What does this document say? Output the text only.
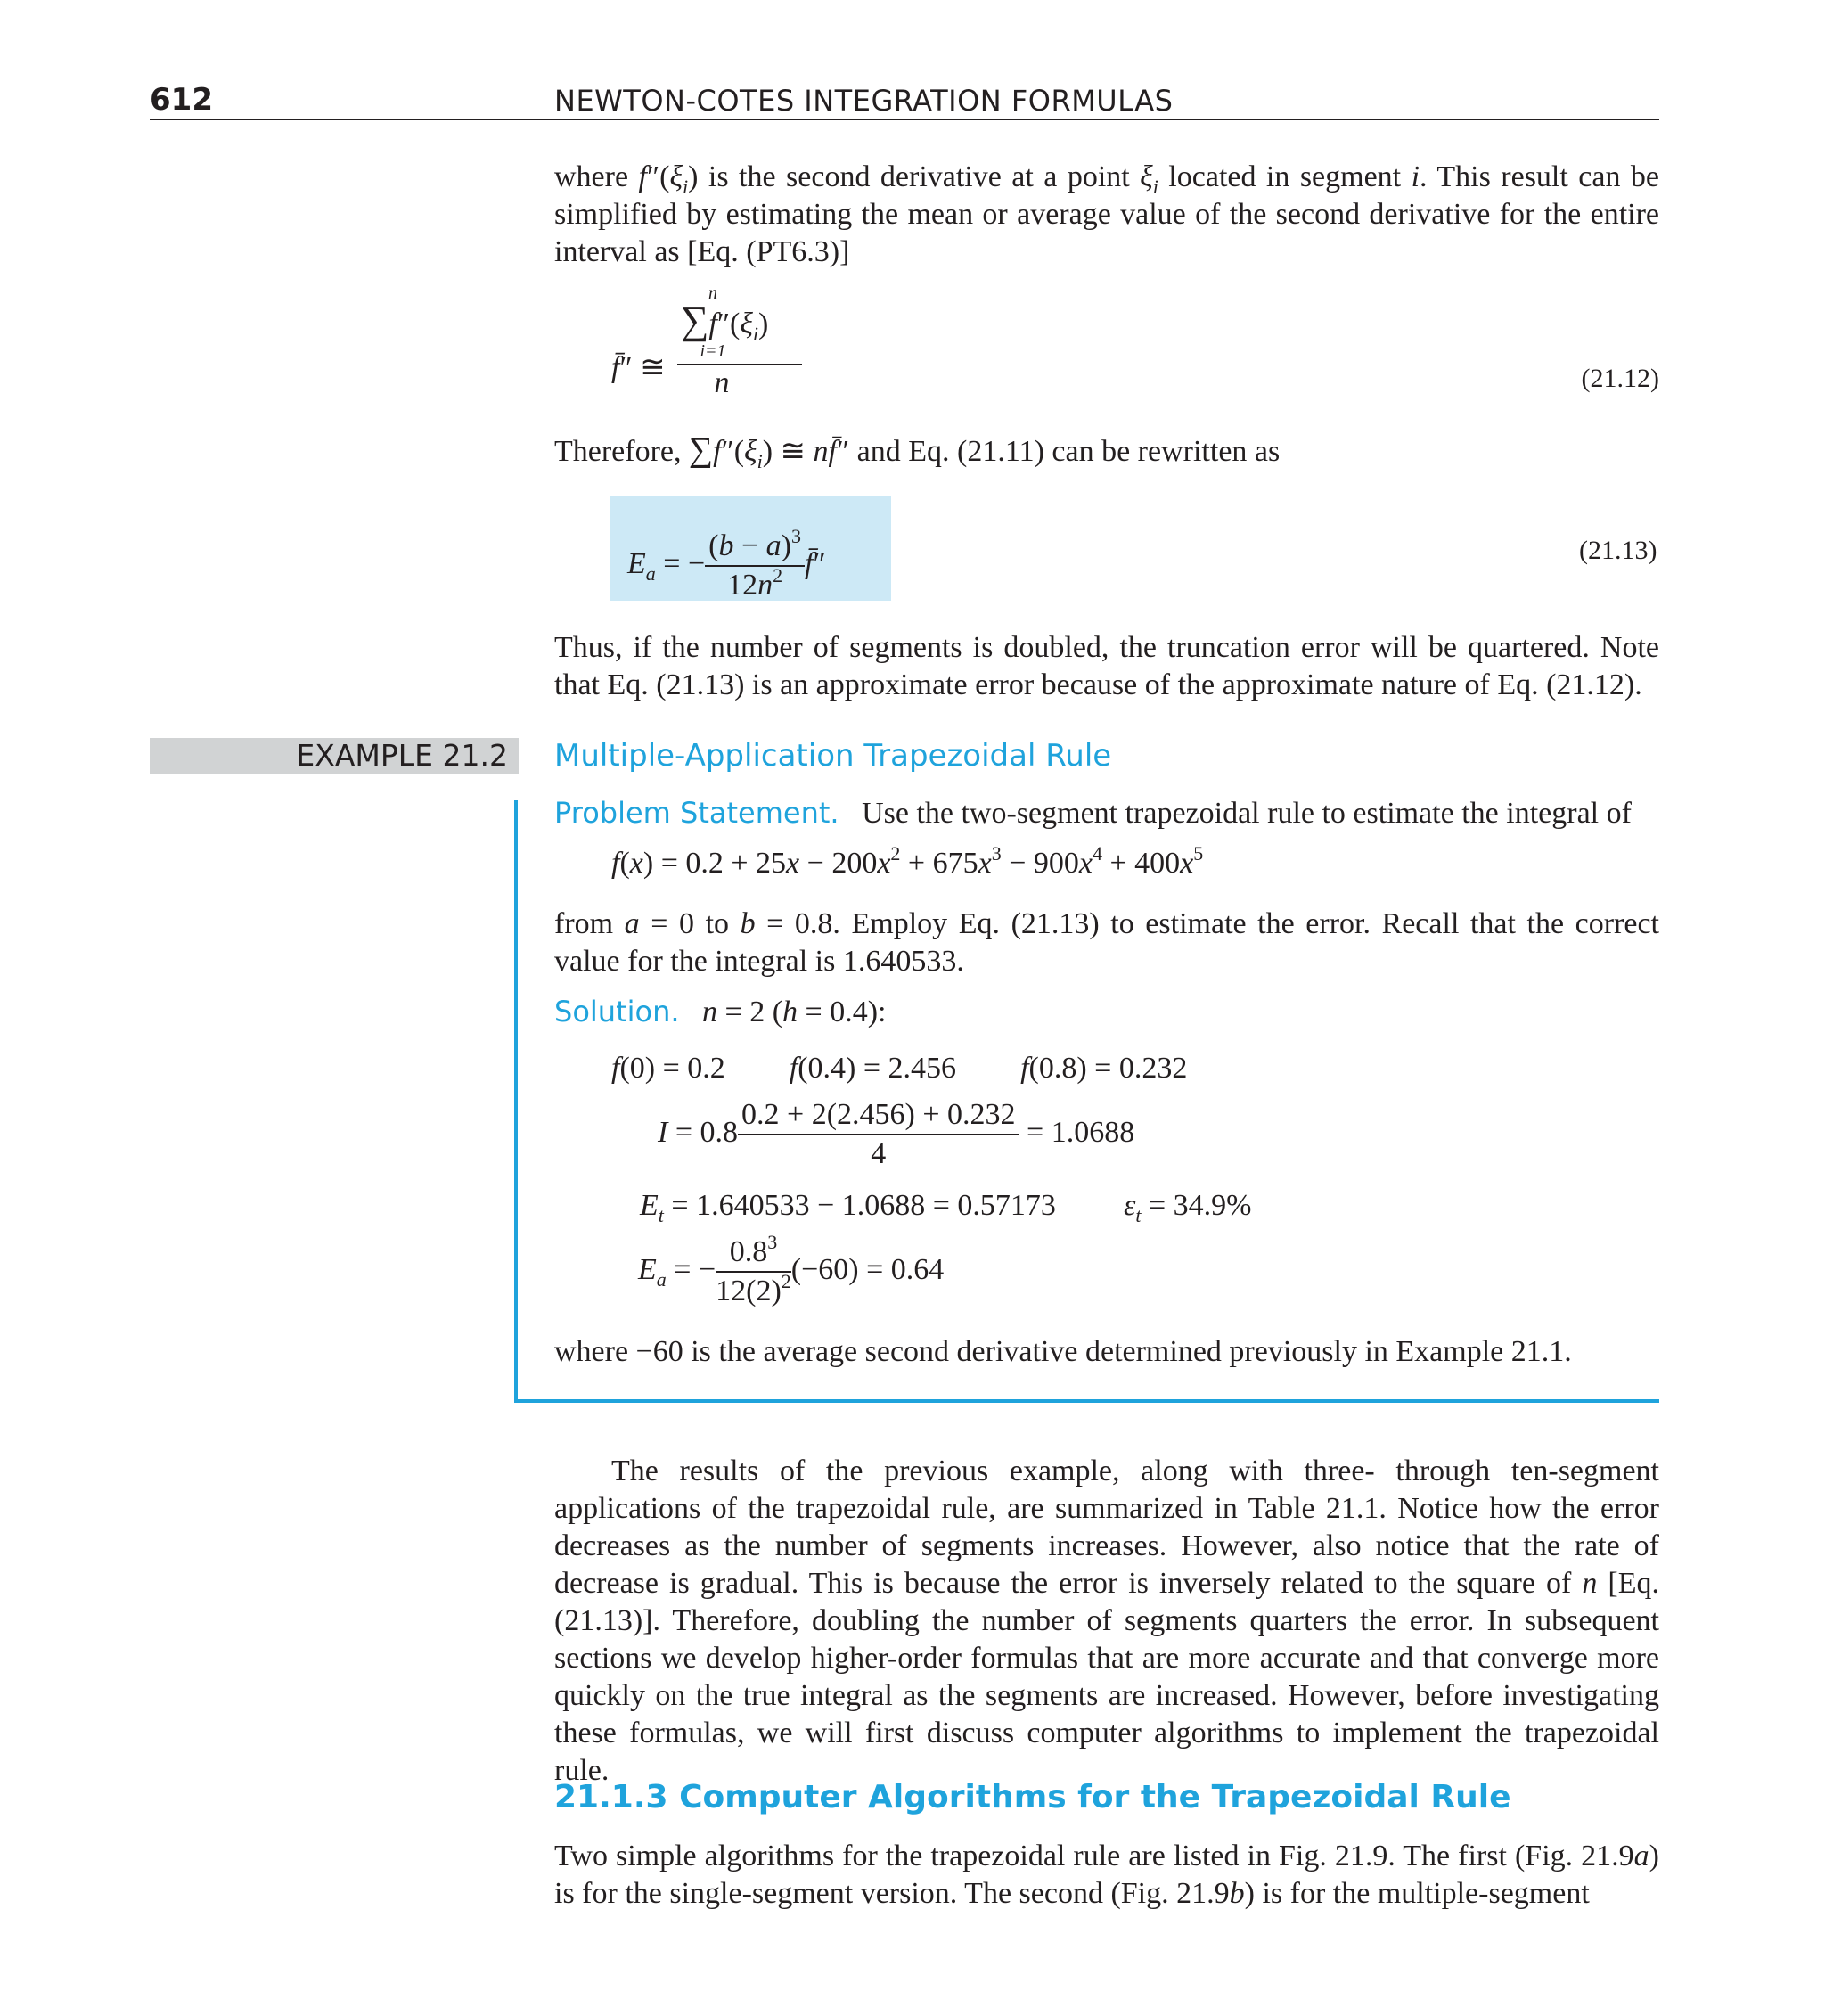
612	NEWTON-COTES INTEGRATION FORMULAS
where $f''(\xi_i)$ is the second derivative at a point $\xi_i$ located in segment i. This result can be simplified by estimating the mean or average value of the second derivative for the entire interval as [Eq. (PT6.3)]
f̄″ ≅
n
$\sum f''(\xi_i)$
i=1
n	(21.12)
Therefore, $\sum f''(\xi_i)$ ≅ nf̄″ and Eq. (21.11) can be rewritten as
$E_a$ = − $\frac{(b - a)^3}{12n^2}$ f̄″	(21.13)
Thus, if the number of segments is doubled, the truncation error will be quartered. Note that Eq. (21.13) is an approximate error because of the approximate nature of Eq. (21.12).
EXAMPLE 21.2 Multiple-Application Trapezoidal Rule
Problem Statement. Use the two-segment trapezoidal rule to estimate the integral of
$f(x) = 0.2 + 25x - 200x^2 + 675x^3 - 900x^4 + 400x^5$
from a = 0 to b = 0.8. Employ Eq. (21.13) to estimate the error. Recall that the correct value for the integral is 1.640533.
Solution. n = 2 (h = 0.4):
f(0) = 0.2 f(0.4) = 2.456 f(0.8) = 0.232
$I = 0.8 \frac{0.2 + 2(2.456) + 0.232}{4} = 1.0688$
$E_t = 1.640533 - 1.0688 = 0.57173$ $\varepsilon_t = 34.9\%$
$E_a$ = − $\frac{0.8^3}{12(2)^2} (-60) = 0.64$
where −60 is the average second derivative determined previously in Example 21.1.
The results of the previous example, along with three- through ten-segment applications of the trapezoidal rule, are summarized in Table 21.1. Notice how the error decreases as the number of segments increases. However, also notice that the rate of decrease is gradual. This is because the error is inversely related to the square of n [Eq. (21.13)]. Therefore, doubling the number of segments quarters the error. In subsequent sections we develop higher-order formulas that are more accurate and that converge more quickly on the true integral as the segments are increased. However, before investigating these formulas, we will first discuss computer algorithms to implement the trapezoidal rule.
21.1.3 Computer Algorithms for the Trapezoidal Rule
Two simple algorithms for the trapezoidal rule are listed in Fig. 21.9. The first (Fig. 21.9a) is for the single-segment version. The second (Fig. 21.9b) is for the multiple-segment
